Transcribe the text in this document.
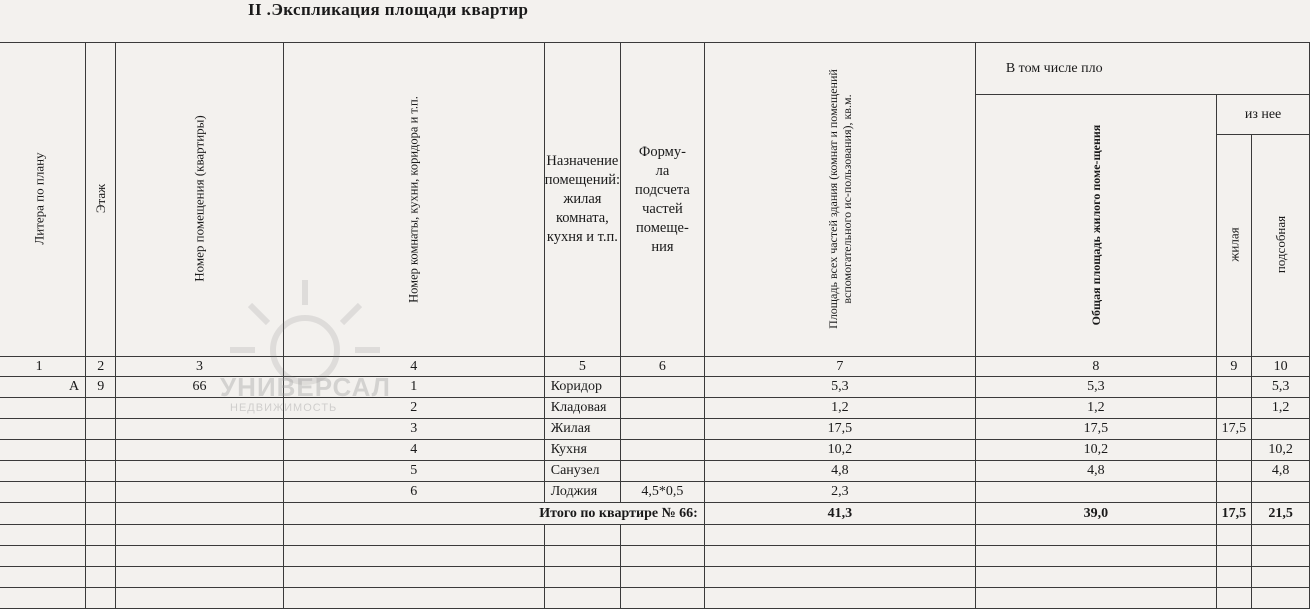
II .Экспликация площади квартир
Литера по плану	Этаж	Номер помещения (квартиры)	Номер комнаты, кухни, коридора и т.п.	Назначение помещений: жилая комната, кухня и т.п.	Форму-ла подсчета частей помеще-ния	Площадь всех частей здания (комнат и помещений вспомогательного ис-пользования), кв.м.	В том числе пло		
							Общая площадь жилого поме-щения	из нее	
								жилая	подсобная
1	2	3	4	5	6	7	8	9	10
А	9	66	1	Коридор		5,3	5,3		5,3
			2	Кладовая		1,2	1,2		1,2
			3	Жилая		17,5	17,5	17,5	
			4	Кухня		10,2	10,2		10,2
			5	Санузел		4,8	4,8		4,8
			6	Лоджия	4,5*0,5	2,3			
			Итого по квартире № 66:			41,3	39,0	17,5	21,5

УНИВЕРСАЛ
НЕДВИЖИМОСТЬ
